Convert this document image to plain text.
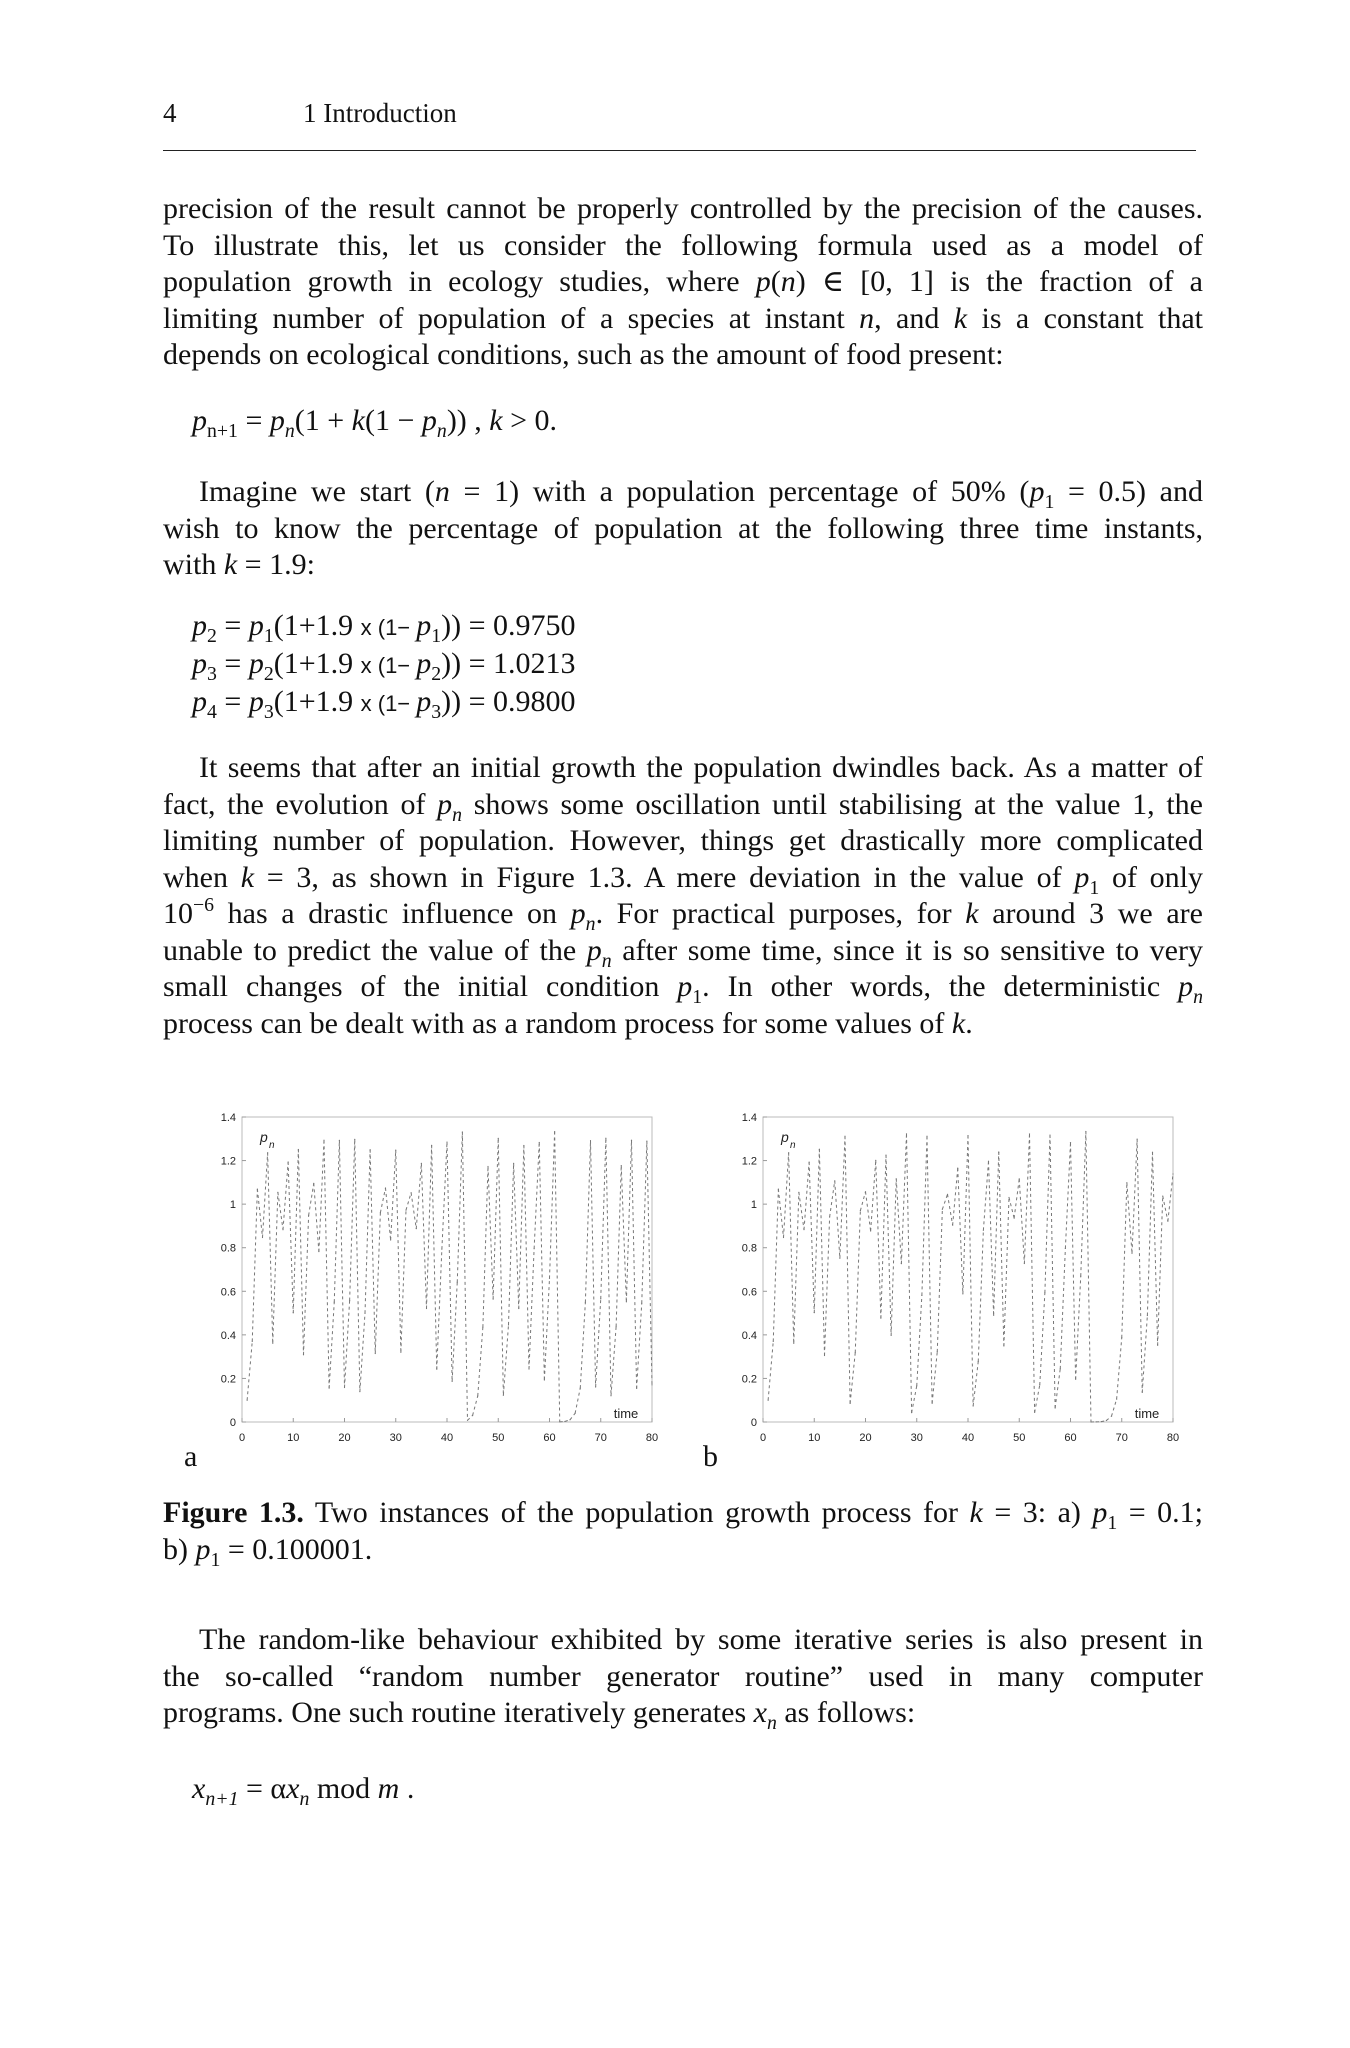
4	1 Introduction
precision of the result cannot be properly controlled by the precision of the causes.
To illustrate this, let us consider the following formula used as a model of
population growth in ecology studies, where p(n) ∈ [0, 1] is the fraction of a
limiting number of population of a species at instant n, and k is a constant that
depends on ecological conditions, such as the amount of food present:
$p_{n+1} = p_n(1 + k(1 - p_n))$ , k > 0.
Imagine we start (n = 1) with a population percentage of 50% $(p_1 = 0.5)$ and
wish to know the percentage of population at the following three time instants,
with k = 1.9:
$p_2 = p_1(1+1.9$ x $(1- p_1)) = 0.9750$
$p_3 = p_2(1+1.9$ x $(1- p_2)) = 1.0213$
$p_4 = p_3(1+1.9$ x $(1- p_3)) = 0.9800$
It seems that after an initial growth the population dwindles back. As a matter of
fact, the evolution of $p_n$ shows some oscillation until stabilising at the value 1, the
limiting number of population. However, things get drastically more complicated
when k = 3, as shown in Figure 1.3. A mere deviation in the value of $p_1$ of only
$10^{-6}$ has a drastic influence on $p_n$. For practical purposes, for k around 3 we are
unable to predict the value of the $p_n$ after some time, since it is so sensitive to very
small changes of the initial condition $p_1$. In other words, the deterministic $p_n$
process can be dealt with as a random process for some values of k.
0
0.2
0.4
0.6
0.8
1
1.2
1.4
0	10	20	30	40	50	60	70	80
p
n
time
a
0
0.2
0.4
0.6
0.8
1
1.2
1.4
0	10	20	30	40	50	60	70	80
p
n
time
b
Figure 1.3. Two instances of the population growth process for k = 3: a) $p_1 = 0.1$;
b) $p_1 = 0.100001$.
The random-like behaviour exhibited by some iterative series is also present in
the so-called “random number generator routine” used in many computer
programs. One such routine iteratively generates $x_n$ as follows:
$x_{n+1} = \alpha x_n$ mod m .
